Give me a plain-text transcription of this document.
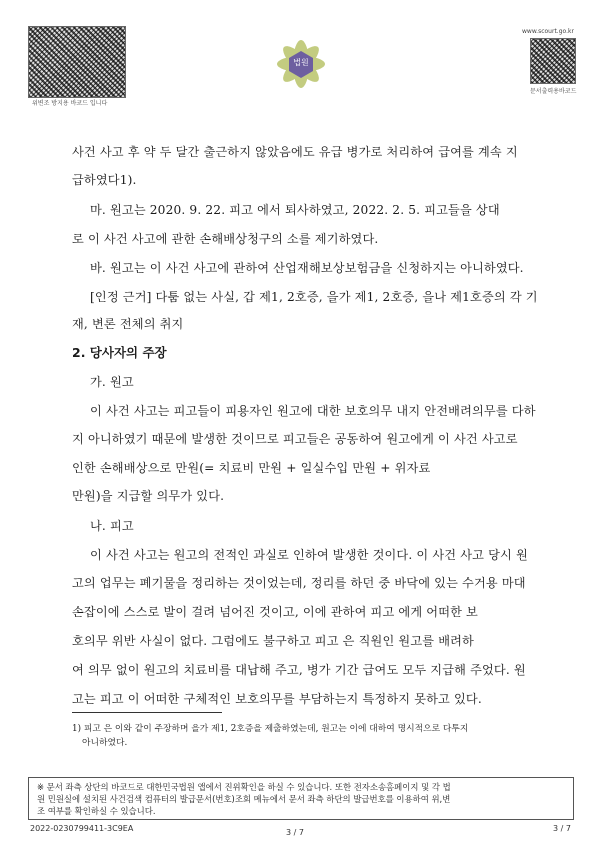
위변조 방지용 바코드 입니다
법원
www.scourt.go.kr
문서출력용바코드
사건 사고 후 약 두 달간 출근하지 않았음에도 유급 병가로 처리하여 급여를 계속 지
급하였다1).
마. 원고는 2020. 9. 22. 피고 에서 퇴사하였고, 2022. 2. 5. 피고들을 상대
로 이 사건 사고에 관한 손해배상청구의 소를 제기하였다.
바. 원고는 이 사건 사고에 관하여 산업재해보상보험금을 신청하지는 아니하였다.
[인정 근거] 다툼 없는 사실, 갑 제1, 2호증, 을가 제1, 2호증, 을나 제1호증의 각 기
재, 변론 전체의 취지
2. 당사자의 주장
가. 원고
이 사건 사고는 피고들이 피용자인 원고에 대한 보호의무 내지 안전배려의무를 다하
지 아니하였기 때문에 발생한 것이므로 피고들은 공동하여 원고에게 이 사건 사고로
인한 손해배상으로 만원(= 치료비 만원 + 일실수입 만원 + 위자료
만원)을 지급할 의무가 있다.
나. 피고
이 사건 사고는 원고의 전적인 과실로 인하여 발생한 것이다. 이 사건 사고 당시 원
고의 업무는 폐기물을 정리하는 것이었는데, 정리를 하던 중 바닥에 있는 수거용 마대
손잡이에 스스로 발이 걸려 넘어진 것이고, 이에 관하여 피고 에게 어떠한 보
호의무 위반 사실이 없다. 그럼에도 불구하고 피고 은 직원인 원고를 배려하
여 의무 없이 원고의 치료비를 대납해 주고, 병가 기간 급여도 모두 지급해 주었다. 원
고는 피고 이 어떠한 구체적인 보호의무를 부담하는지 특정하지 못하고 있다.
1) 피고 은 이와 같이 주장하며 을가 제1, 2호증을 제출하였는데, 원고는 이에 대하여 명시적으로 다투지
아니하였다.
※ 문서 좌측 상단의 바코드로 대한민국법원 앱에서 진위확인을 하실 수 있습니다. 또한 전자소송홈페이지 및 각 법
원 민원실에 설치된 사건검색 컴퓨터의 발급문서(번호)조회 메뉴에서 문서 좌측 하단의 발급번호를 이용하여 위,변
조 여부를 확인하실 수 있습니다.
2022-0230799411-3C9EA	3 / 7	3 / 7
